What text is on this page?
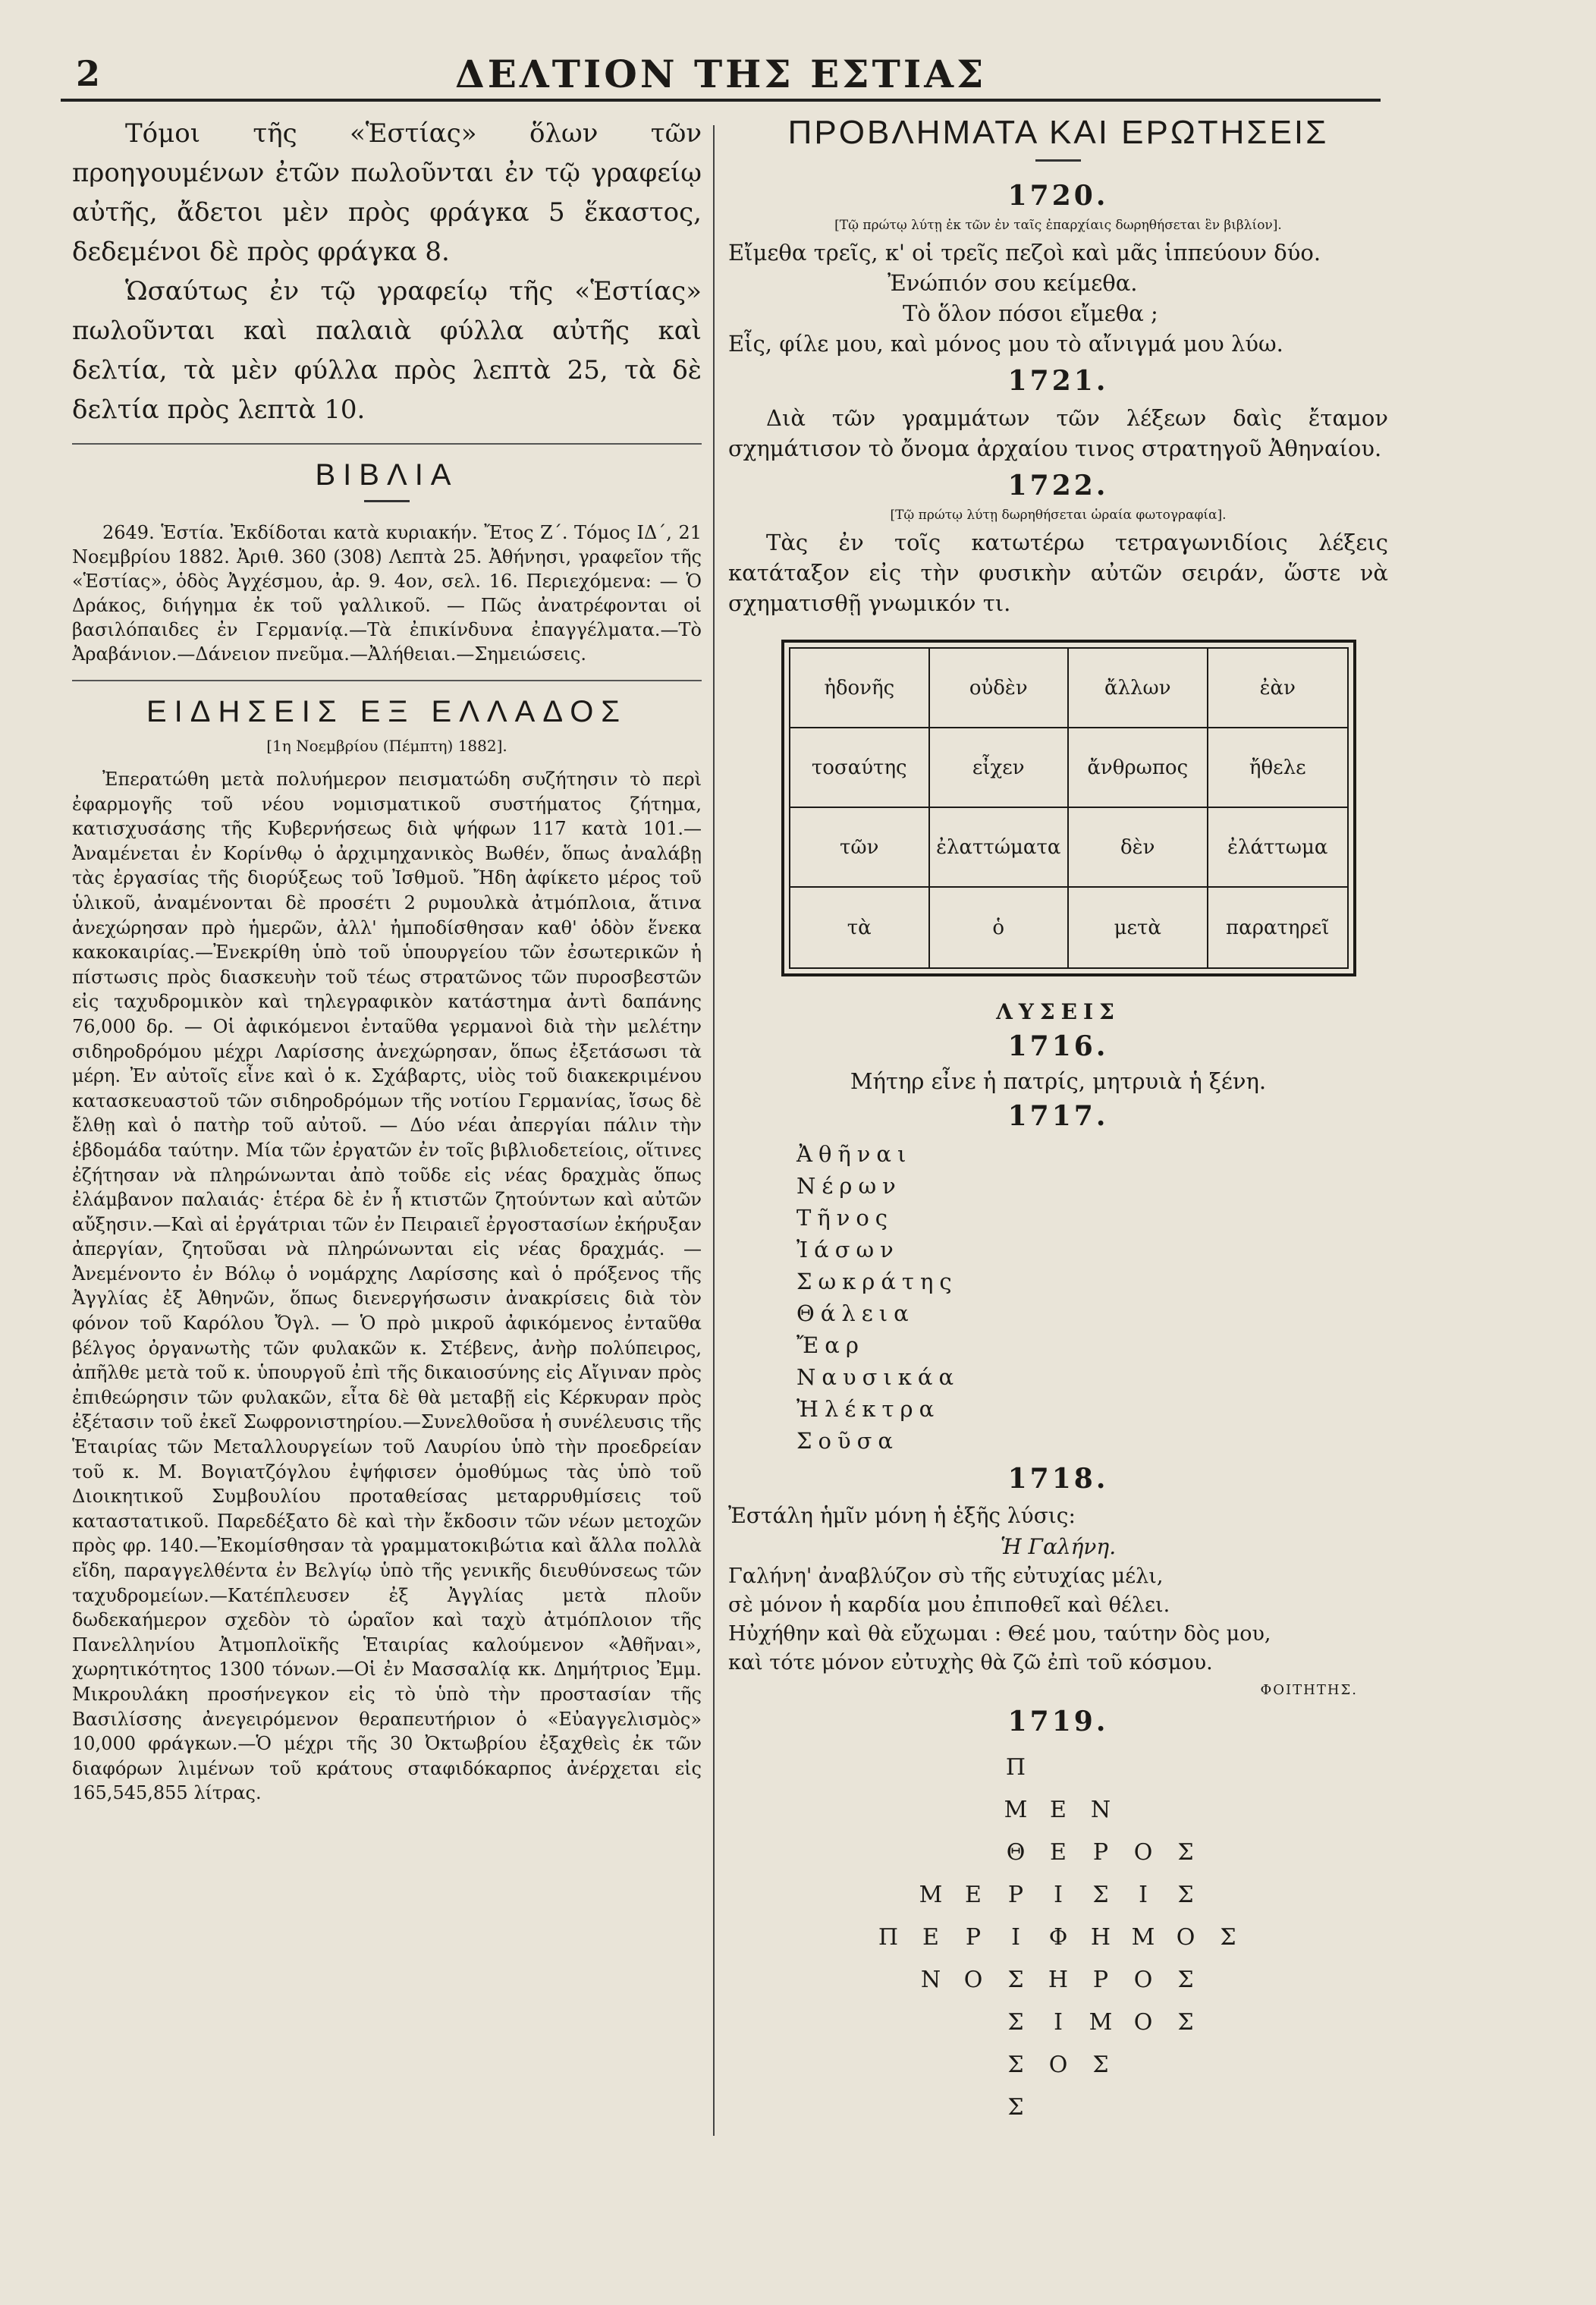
2	ΔΕΛΤΙΟΝ ΤΗΣ ΕΣΤΙΑΣ

Τόμοι τῆς «Ἑστίας» ὅλων τῶν προηγουμένων ἐτῶν πωλοῦνται ἐν τῷ γραφείῳ αὐτῆς, ἄδετοι μὲν πρὸς φράγκα 5 ἕκαστος, δεδεμένοι δὲ πρὸς φράγκα 8.

Ὡσαύτως ἐν τῷ γραφείῳ τῆς «Ἑστίας» πωλοῦνται καὶ παλαιὰ φύλλα αὐτῆς καὶ δελτία, τὰ μὲν φύλλα πρὸς λεπτὰ 25, τὰ δὲ δελτία πρὸς λεπτὰ 10.

ΒΙΒΛΙΑ

2649. Ἑστία. Ἐκδίδοται κατὰ κυριακήν. Ἔτος Ζ΄. Τόμος ΙΔ΄, 21 Νοεμβρίου 1882. Ἀριθ. 360 (308) Λεπτὰ 25. Ἀθήνησι, γραφεῖον τῆς «Ἑστίας», ὁδὸς Ἀγχέσμου, ἀρ. 9. 4ον, σελ. 16. Περιεχόμενα: — Ὁ Δράκος, διήγημα ἐκ τοῦ γαλλικοῦ. — Πῶς ἀνατρέφονται οἱ βασιλόπαιδες ἐν Γερμανίᾳ.—Τὰ ἐπικίνδυνα ἐπαγγέλματα.—Τὸ Ἀραβάνιον.—Δάνειον πνεῦμα.—Ἀλήθειαι.—Σημειώσεις.

ΕΙΔΗΣΕΙΣ ΕΞ ΕΛΛΑΔΟΣ
[1η Νοεμβρίου (Πέμπτη) 1882].

Ἐπερατώθη μετὰ πολυήμερον πεισματώδη συζήτησιν τὸ περὶ ἐφαρμογῆς τοῦ νέου νομισματικοῦ συστήματος ζήτημα, κατισχυσάσης τῆς Κυβερνήσεως διὰ ψήφων 117 κατὰ 101.—Ἀναμένεται ἐν Κορίνθῳ ὁ ἀρχιμηχανικὸς Βωθέν, ὅπως ἀναλάβῃ τὰς ἐργασίας τῆς διορύξεως τοῦ Ἰσθμοῦ. Ἤδη ἀφίκετο μέρος τοῦ ὑλικοῦ, ἀναμένονται δὲ προσέτι 2 ρυμουλκὰ ἀτμόπλοια, ἅτινα ἀνεχώρησαν πρὸ ἡμερῶν, ἀλλ' ἠμποδίσθησαν καθ' ὁδὸν ἕνεκα κακοκαιρίας.—Ἐνεκρίθη ὑπὸ τοῦ ὑπουργείου τῶν ἐσωτερικῶν ἡ πίστωσις πρὸς διασκευὴν τοῦ τέως στρατῶνος τῶν πυροσβεστῶν εἰς ταχυδρομικὸν καὶ τηλεγραφικὸν κατάστημα ἀντὶ δαπάνης 76,000 δρ. — Οἱ ἀφικόμενοι ἐνταῦθα γερμανοὶ διὰ τὴν μελέτην σιδηροδρόμου μέχρι Λαρίσσης ἀνεχώρησαν, ὅπως ἐξετάσωσι τὰ μέρη. Ἐν αὐτοῖς εἶνε καὶ ὁ κ. Σχάβαρτς, υἱὸς τοῦ διακεκριμένου κατασκευαστοῦ τῶν σιδηροδρόμων τῆς νοτίου Γερμανίας, ἴσως δὲ ἔλθῃ καὶ ὁ πατὴρ τοῦ αὐτοῦ. — Δύο νέαι ἀπεργίαι πάλιν τὴν ἑβδομάδα ταύτην. Μία τῶν ἐργατῶν ἐν τοῖς βιβλιοδετείοις, οἵτινες ἐζήτησαν νὰ πληρώνωνται ἀπὸ τοῦδε εἰς νέας δραχμὰς ὅπως ἐλάμβανον παλαιάς· ἑτέρα δὲ ἐν ἧ κτιστῶν ζητούντων καὶ αὐτῶν αὔξησιν.—Καὶ αἱ ἐργάτριαι τῶν ἐν Πειραιεῖ ἐργοστασίων ἐκήρυξαν ἀπεργίαν, ζητοῦσαι νὰ πληρώνωνται εἰς νέας δραχμάς. — Ἀνεμένοντο ἐν Βόλῳ ὁ νομάρχης Λαρίσσης καὶ ὁ πρόξενος τῆς Ἀγγλίας ἐξ Ἀθηνῶν, ὅπως διενεργήσωσιν ἀνακρίσεις διὰ τὸν φόνον τοῦ Καρόλου Ὄγλ. — Ὁ πρὸ μικροῦ ἀφικόμενος ἐνταῦθα βέλγος ὀργανωτὴς τῶν φυλακῶν κ. Στέβενς, ἀνὴρ πολύπειρος, ἀπῆλθε μετὰ τοῦ κ. ὑπουργοῦ ἐπὶ τῆς δικαιοσύνης εἰς Αἴγιναν πρὸς ἐπιθεώρησιν τῶν φυλακῶν, εἶτα δὲ θὰ μεταβῇ εἰς Κέρκυραν πρὸς ἐξέτασιν τοῦ ἐκεῖ Σωφρονιστηρίου.—Συνελθοῦσα ἡ συνέλευσις τῆς Ἑταιρίας τῶν Μεταλλουργείων τοῦ Λαυρίου ὑπὸ τὴν προεδρείαν τοῦ κ. Μ. Βογιατζόγλου ἐψήφισεν ὁμοθύμως τὰς ὑπὸ τοῦ Διοικητικοῦ Συμβουλίου προταθείσας μεταρρυθμίσεις τοῦ καταστατικοῦ. Παρεδέξατο δὲ καὶ τὴν ἔκδοσιν τῶν νέων μετοχῶν πρὸς φρ. 140.—Ἐκομίσθησαν τὰ γραμματοκιβώτια καὶ ἄλλα πολλὰ εἴδη, παραγγελθέντα ἐν Βελγίῳ ὑπὸ τῆς γενικῆς διευθύνσεως τῶν ταχυδρομείων.—Κατέπλευσεν ἐξ Ἀγγλίας μετὰ πλοῦν δωδεκαήμερον σχεδὸν τὸ ὡραῖον καὶ ταχὺ ἀτμόπλοιον τῆς Πανελληνίου Ἀτμοπλοϊκῆς Ἑταιρίας καλούμενον «Ἀθῆναι», χωρητικότητος 1300 τόνων.—Οἱ ἐν Μασσαλίᾳ κκ. Δημήτριος Ἐμμ. Μικρουλάκη προσήνεγκον εἰς τὸ ὑπὸ τὴν προστασίαν τῆς Βασιλίσσης ἀνεγειρόμενον θεραπευτήριον ὁ «Εὐαγγελισμὸς» 10,000 φράγκων.—Ὁ μέχρι τῆς 30 Ὀκτωβρίου ἐξαχθεὶς ἐκ τῶν διαφόρων λιμένων τοῦ κράτους σταφιδόκαρπος ἀνέρχεται εἰς 165,545,855 λίτρας.

ΠΡΟΒΛΗΜΑΤΑ ΚΑΙ ΕΡΩΤΗΣΕΙΣ
1720.
[Τῷ πρώτῳ λύτῃ ἐκ τῶν ἐν ταῖς ἐπαρχίαις δωρηθήσεται ἓν βιβλίον].
Εἴμεθα τρεῖς, κ' οἱ τρεῖς πεζοὶ καὶ μᾶς ἱππεύουν δύο.
Ἐνώπιόν σου κείμεθα.
Τὸ ὅλον πόσοι εἴμεθα ;
Εἷς, φίλε μου, καὶ μόνος μου τὸ αἴνιγμά μου λύω.
1721.

Διὰ τῶν γραμμάτων τῶν λέξεων δαὶς ἔταμον σχημάτισον τὸ ὄνομα ἀρχαίου τινος στρατηγοῦ Ἀθηναίου.

1722.
[Τῷ πρώτῳ λύτῃ δωρηθήσεται ὡραία φωτογραφία].

Τὰς ἐν τοῖς κατωτέρω τετραγωνιδίοις λέξεις κατάταξον εἰς τὴν φυσικὴν αὐτῶν σειράν, ὥστε νὰ σχηματισθῇ γνωμικόν τι.

ἡδονῆς	οὐδὲν	ἄλλων	ἐὰν
τοσαύτης	εἶχεν	ἄνθρωπος	ἤθελε
τῶν	ἐλαττώματα	δὲν	ἐλάττωμα
τὰ	ὁ	μετὰ	παρατηρεῖ
ΛΥΣΕΙΣ
1716.
Μήτηρ εἶνε ἡ πατρίς, μητρυιὰ ἡ ξένη.
1717.
Ἀθῆναι
Νέρων
Τῆνος
Ἰάσων
Σωκράτης
Θάλεια
Ἔαρ
Ναυσικάα
Ἠλέκτρα
Σοῦσα
1718.
Ἐστάλη ἡμῖν μόνη ἡ ἑξῆς λύσις:
Ἡ Γαλήνη.
Γαλήνη' ἀναβλύζον σὺ τῆς εὐτυχίας μέλι,
σὲ μόνον ἡ καρδία μου ἐπιποθεῖ καὶ θέλει.
Ηὐχήθην καὶ θὰ εὔχωμαι : Θεέ μου, ταύτην δὸς μου,
καὶ τότε μόνον εὐτυχὴς θὰ ζῶ ἐπὶ τοῦ κόσμου.
ΦΟΙΤΗΤΗΣ.
1719.
Π
Μ Ε	Ν
Θ	Ε	Ρ	Ο	Σ
Μ Ε	Ρ	Ι	Σ	Ι	Σ
Π	Ε	Ρ	Ι	Φ	Η Μ Ο	Σ
Ν	Ο	Σ	Η	Ρ	Ο	Σ
Σ	Ι	Μ Ο	Σ
Σ	Ο	Σ
Σ
